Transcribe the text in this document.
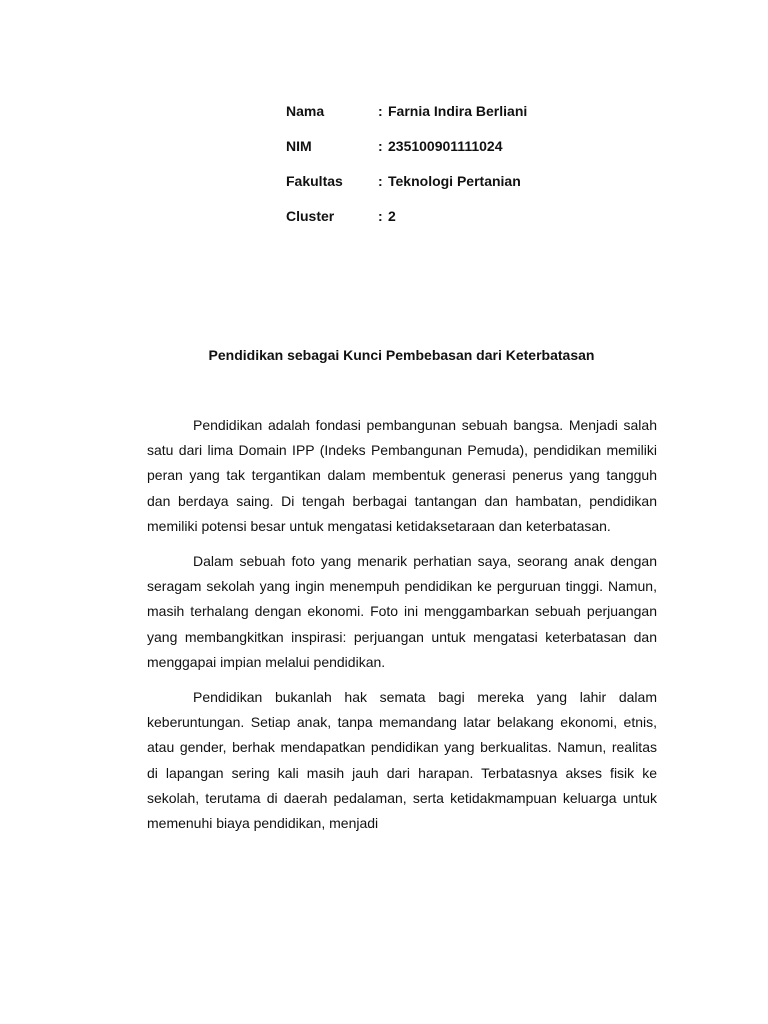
Nama	: Farnia Indira Berliani
NIM	: 235100901111024
Fakultas	: Teknologi Pertanian
Cluster	: 2
Pendidikan sebagai Kunci Pembebasan dari Keterbatasan

Pendidikan adalah fondasi pembangunan sebuah bangsa. Menjadi salah satu dari lima Domain IPP (Indeks Pembangunan Pemuda), pendidikan memiliki peran yang tak tergantikan dalam membentuk generasi penerus yang tangguh dan berdaya saing. Di tengah berbagai tantangan dan hambatan, pendidikan memiliki potensi besar untuk mengatasi ketidaksetaraan dan keterbatasan.

Dalam sebuah foto yang menarik perhatian saya, seorang anak dengan seragam sekolah yang ingin menempuh pendidikan ke perguruan tinggi. Namun, masih terhalang dengan ekonomi. Foto ini menggambarkan sebuah perjuangan yang membangkitkan inspirasi: perjuangan untuk mengatasi keterbatasan dan menggapai impian melalui pendidikan.

Pendidikan bukanlah hak semata bagi mereka yang lahir dalam keberuntungan. Setiap anak, tanpa memandang latar belakang ekonomi, etnis, atau gender, berhak mendapatkan pendidikan yang berkualitas. Namun, realitas di lapangan sering kali masih jauh dari harapan. Terbatasnya akses fisik ke sekolah, terutama di daerah pedalaman, serta ketidakmampuan keluarga untuk memenuhi biaya pendidikan, menjadi
